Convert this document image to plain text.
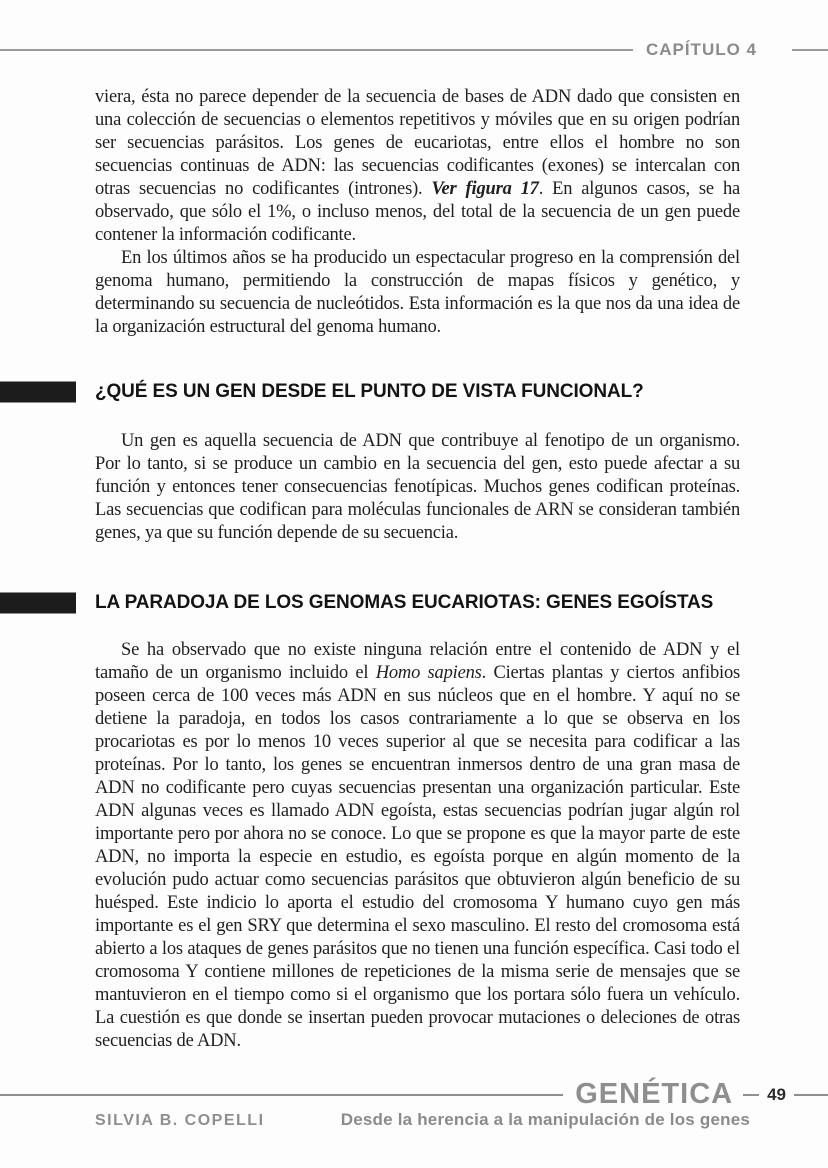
CAPÍTULO 4

viera, ésta no parece depender de la secuencia de bases de ADN dado que consisten en una colección de secuencias o elementos repetitivos y móviles que en su origen podrían ser secuencias parásitos. Los genes de eucariotas, entre ellos el hombre no son secuencias continuas de ADN: las secuencias codificantes (exones) se intercalan con otras secuencias no codificantes (intrones). Ver figura 17. En algunos casos, se ha observado, que sólo el 1%, o incluso menos, del total de la secuencia de un gen puede contener la información codificante.

En los últimos años se ha producido un espectacular progreso en la comprensión del genoma humano, permitiendo la construcción de mapas físicos y genético, y determinando su secuencia de nucleótidos. Esta información es la que nos da una idea de la organización estructural del genoma humano.

¿QUÉ ES UN GEN DESDE EL PUNTO DE VISTA FUNCIONAL?

Un gen es aquella secuencia de ADN que contribuye al fenotipo de un organismo. Por lo tanto, si se produce un cambio en la secuencia del gen, esto puede afectar a su función y entonces tener consecuencias fenotípicas. Muchos genes codifican proteínas. Las secuencias que codifican para moléculas funcionales de ARN se consideran también genes, ya que su función depende de su secuencia.

LA PARADOJA DE LOS GENOMAS EUCARIOTAS: GENES EGOÍSTAS

Se ha observado que no existe ninguna relación entre el contenido de ADN y el tamaño de un organismo incluido el Homo sapiens. Ciertas plantas y ciertos anfibios poseen cerca de 100 veces más ADN en sus núcleos que en el hombre. Y aquí no se detiene la paradoja, en todos los casos contrariamente a lo que se observa en los procariotas es por lo menos 10 veces superior al que se necesita para codificar a las proteínas. Por lo tanto, los genes se encuentran inmersos dentro de una gran masa de ADN no codificante pero cuyas secuencias presentan una organización particular. Este ADN algunas veces es llamado ADN egoísta, estas secuencias podrían jugar algún rol importante pero por ahora no se conoce. Lo que se propone es que la mayor parte de este ADN, no importa la especie en estudio, es egoísta porque en algún momento de la evolución pudo actuar como secuencias parásitos que obtuvieron algún beneficio de su huésped. Este indicio lo aporta el estudio del cromosoma Y humano cuyo gen más importante es el gen SRY que determina el sexo masculino. El resto del cromosoma está abierto a los ataques de genes parásitos que no tienen una función específica. Casi todo el cromosoma Y contiene millones de repeticiones de la misma serie de mensajes que se mantuvieron en el tiempo como si el organismo que los portara sólo fuera un vehículo. La cuestión es que donde se insertan pueden provocar mutaciones o deleciones de otras secuencias de ADN.

GENÉTICA 49
SILVIA B. COPELLI	Desde la herencia a la manipulación de los genes
